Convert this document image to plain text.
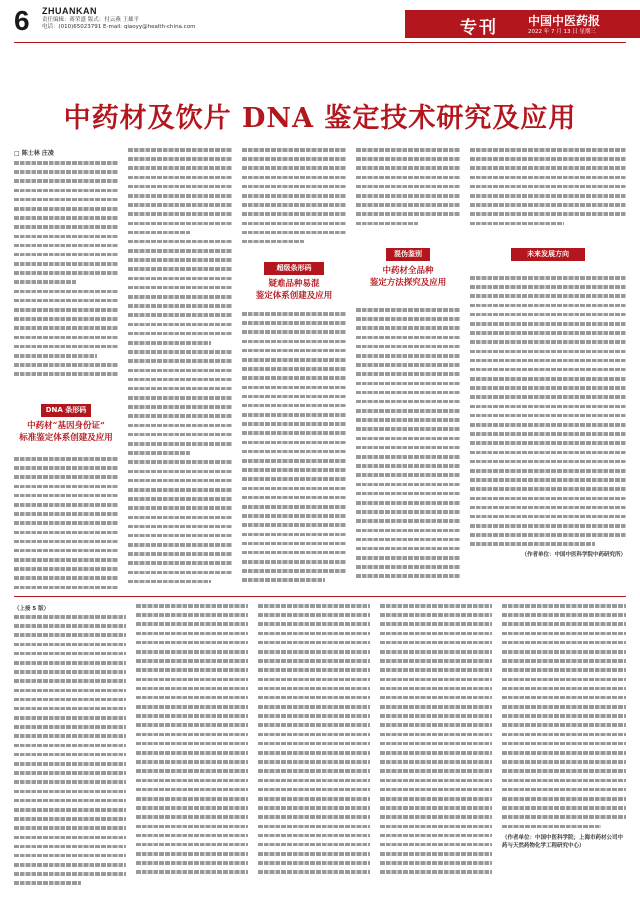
6 ZHUANKAN
责任编辑：蒋荣盛 版式：付云燕 王雄平
电话：(010)65023791 E-mail: qiaoyy@health-china.com	专刊	中国中医药报
2022 年 7 月 13 日 星期三
中药材及饮片 DNA 鉴定技术研究及应用
□ 陈士林 庄凌
DNA 条形码
中药材“基因身份证”
标准鉴定体系创建及应用
超级条形码
疑难品种易混
鉴定体系创建及应用
混伪鉴别
中药材全品种
鉴定方法探究及应用
未来发展方向
（作者单位：中国中医科学院中药研究所）
（上接 5 版）
（作者单位：中国中医科学院；上海市药材公司中药与天然药物化学工程研究中心）
